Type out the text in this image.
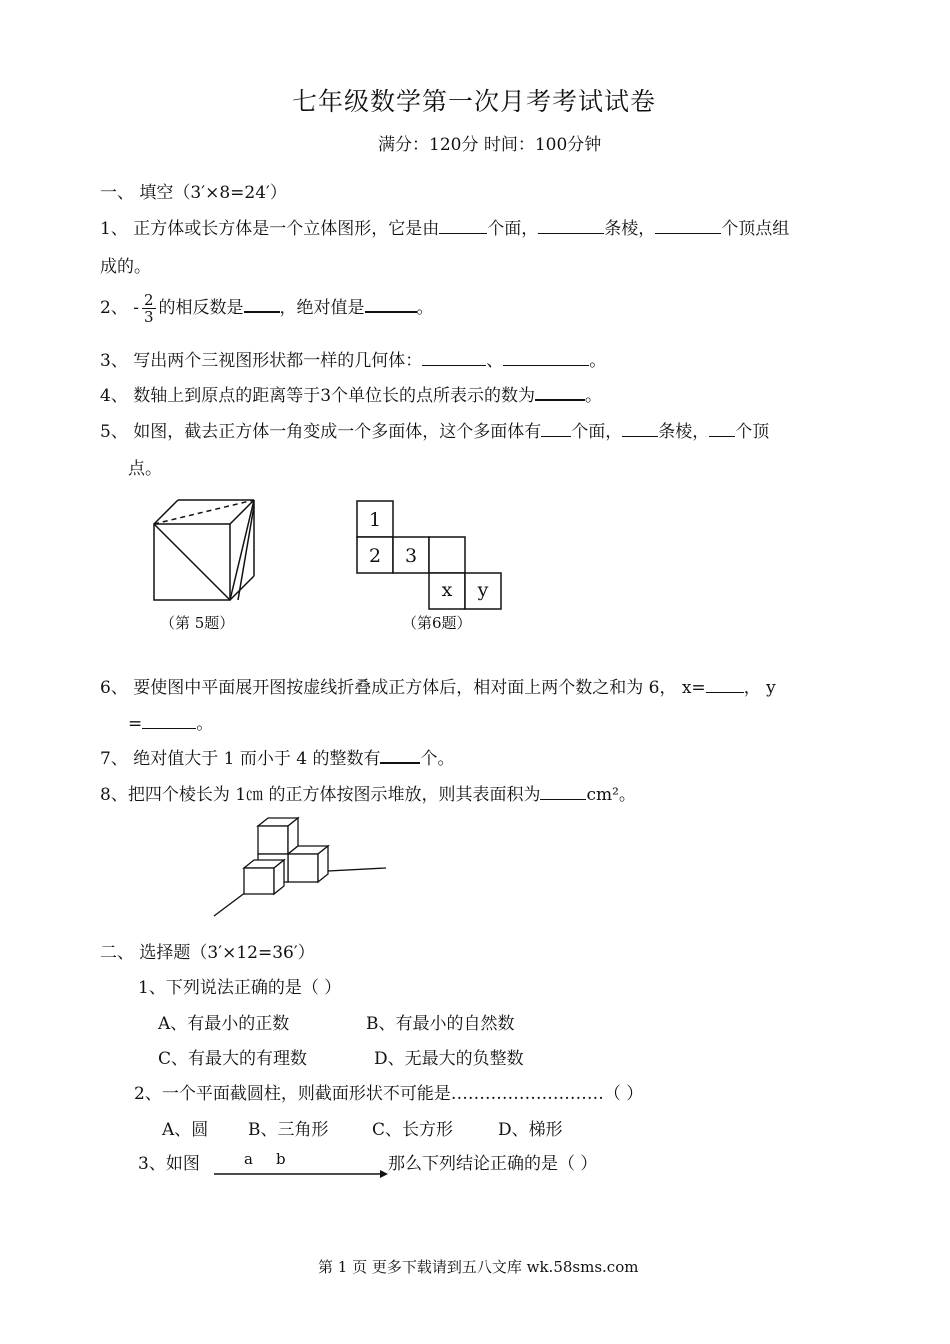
七年级数学第一次月考考试试卷
满分：120分 时间：100分钟
一、 填空（3′×8=24′）
1、 正方体或长方体是一个立体图形，它是由	个面，	条棱，	个顶点组
成的。
2、 - $\frac{2}{3}$ 的相反数是 ，绝对值是	。
3、 写出两个三视图形状都一样的几何体：	、	。
4、 数轴上到原点的距离等于3个单位长的点所表示的数为	。
5、 如图，截去正方体一角变成一个多面体，这个多面体有 个面， 条棱， 个顶
点。
（第 5题）
1
2 3
x y
（第6题）
6、 要使图中平面展开图按虚线折叠成正方体后，相对面上两个数之和为 6， x= ， y
=	。
7、 绝对值大于 1 而小于 4 的整数有 个。
8、把四个棱长为 1㎝ 的正方体按图示堆放，则其表面积为	cm²。
二、 选择题（3′×12=36′）
1、下列说法正确的是（ ）
A、有最小的正数	B、有最小的自然数
C、有最大的有理数	D、无最大的负整数
2、一个平面截圆柱，则截面形状不可能是………………………（ ）
A、圆 B、三角形	C、长方形	D、梯形
3、如图	a b	那么下列结论正确的是（ ）
第 1 页 更多下载请到五八文库 wk.58sms.com
